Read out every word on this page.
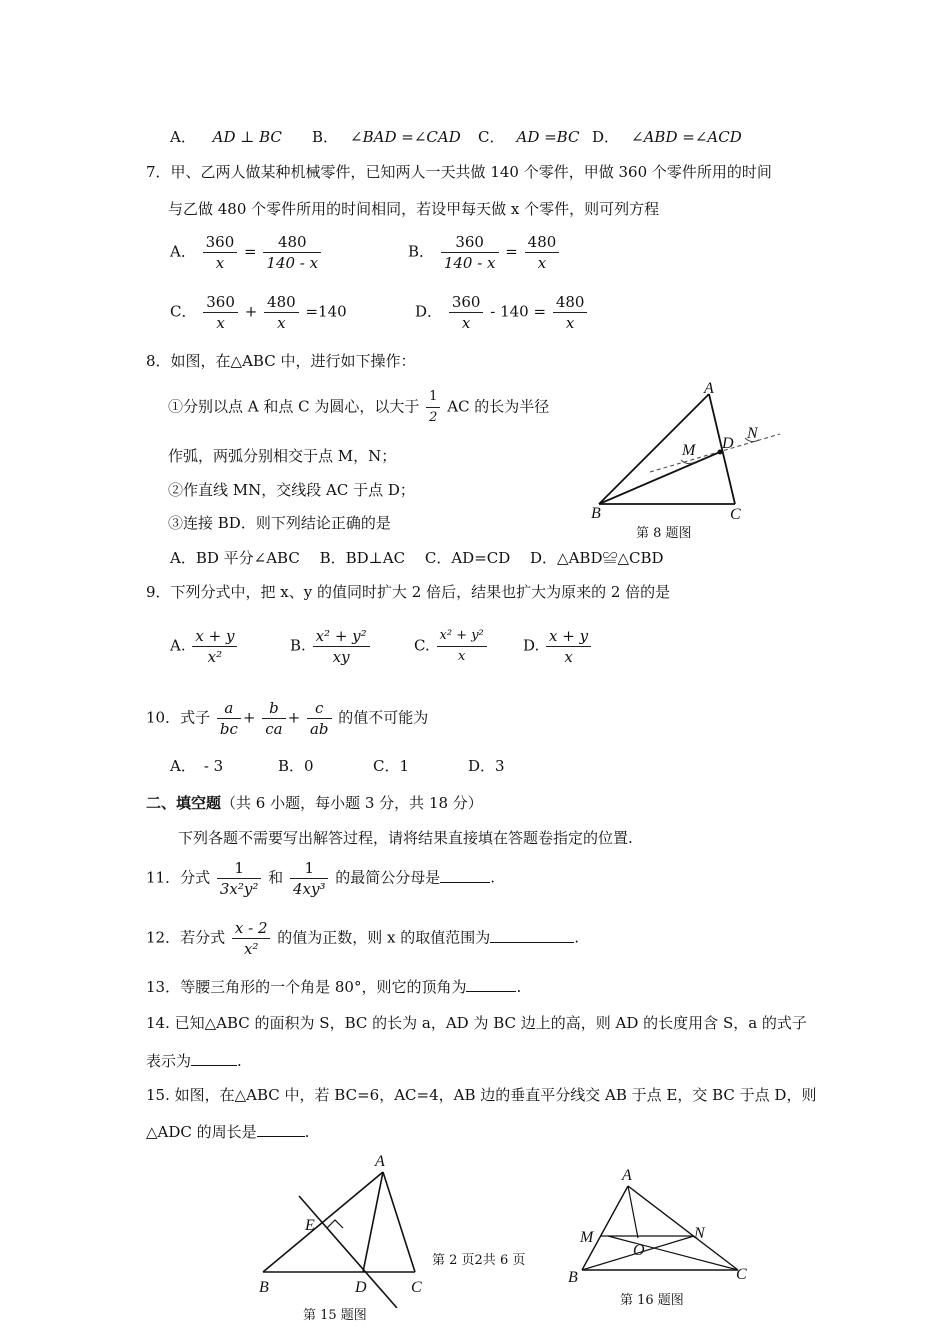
A． AD ⊥ BC B． ∠BAD =∠CAD C． AD =BC D． ∠ABD =∠ACD
7．甲、乙两人做某种机械零件，已知两人一天共做 140 个零件，甲做 360 个零件所用的时间
与乙做 480 个零件所用的时间相同，若设甲每天做 x 个零件，则可列方程
A． $\frac{360}{x} = \frac{480}{140 - x}$	B． $\frac{360}{140 - x} = \frac{480}{x}$
C． $\frac{360}{x} + \frac{480}{x} =140$	D． $\frac{360}{x} - 140 = \frac{480}{x}$
8．如图，在△ABC 中，进行如下操作：
①分别以点 A 和点 C 为圆心，以大于 $\frac{1}{2}$ AC 的长为半径
作弧，两弧分别相交于点 M，N；
②作直线 MN，交线段 AC 于点 D；
③连接 BD．则下列结论正确的是
A．BD 平分∠ABC　 B．BD⊥AC　 C．AD=CD　 D．△ABD≌△CBD
A
B	C
D
M
N
第 8 题图
9．下列分式中，把 x、y 的值同时扩大 2 倍后，结果也扩大为原来的 2 倍的是
A. $\frac{x + y}{\text{x²}}$	B. $\frac{\text{x² + y²}}{xy}$	C. $\frac{\text{x² + y²}}{x} D$. $\frac{x + y}{x}$
10．式子 $\frac{a}{bc} + \frac{b}{ca} + \frac{c}{ab}$ 的值不可能为
A． - 3	B．0	C．1	D．3
二、填空题（共 6 小题，每小题 3 分，共 18 分）
下列各题不需要写出解答过程，请将结果直接填在答题卷指定的位置.
11．分式 $\frac{1}{\text{3x²y²}}$ 和 $\frac{1}{\text{4xy³}}$ 的最简公分母是	.
12．若分式 $\frac{x - 2}{\text{x²}}$ 的值为正数，则 x 的取值范围为	.
13．等腰三角形的一个角是 80°，则它的顶角为	.
14. 已知△ABC 的面积为 S，BC 的长为 a，AD 为 BC 边上的高，则 AD 的长度用含 S，a 的式子
表示为	.
15. 如图，在△ABC 中，若 BC=6，AC=4，AB 边的垂直平分线交 AB 于点 E，交 BC 于点 D，则
△ADC 的周长是	.
A
B	C
D
E
第 15 题图
第 2 页2共 6 页
A
B	C
M	N
O
第 16 题图
